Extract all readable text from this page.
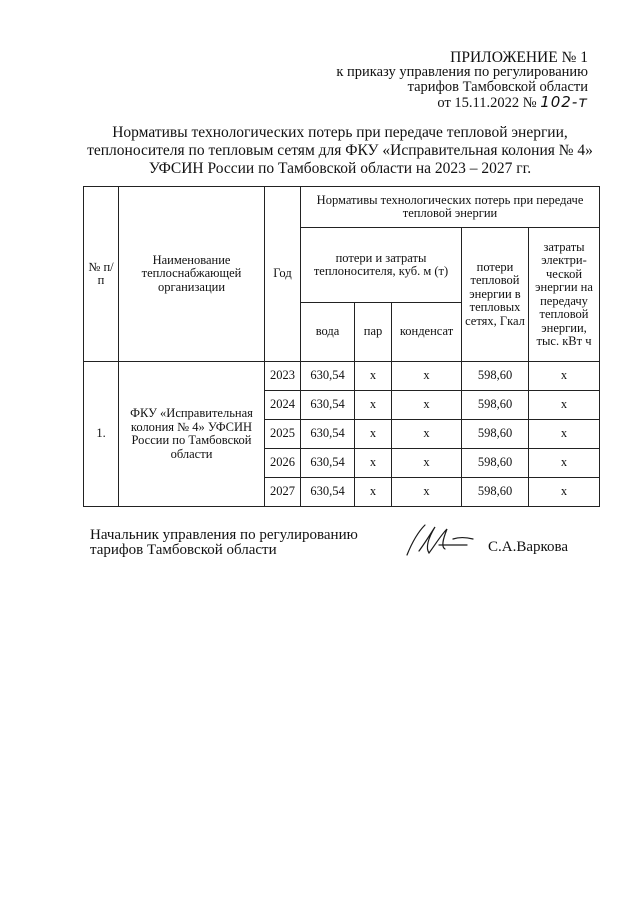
ПРИЛОЖЕНИЕ № 1
к приказу управления по регулированию
тарифов Тамбовской области
от 15.11.2022 № 102-т
Нормативы технологических потерь при передаче тепловой энергии,
теплоносителя по тепловым сетям для ФКУ «Исправительная колония № 4»
УФСИН России по Тамбовской области на 2023 – 2027 гг.
№ п/п	Наименование теплоснабжающей организации	Год	Нормативы технологических потерь при передаче тепловой энергии				
			потери и затраты теплоносителя, куб. м (т)			потери тепловой энергии в тепловых сетях, Гкал	затраты электри-ческой энергии на передачу тепловой энергии, тыс. кВт ч
			вода	пар	конденсат		
1.	ФКУ «Исправительная колония № 4» УФСИН России по Тамбовской области	2023	630,54	х	х	598,60	х
		2024	630,54	х	х	598,60	х
		2025	630,54	х	х	598,60	х
		2026	630,54	х	х	598,60	х
		2027	630,54	х	х	598,60	х
Начальник управления по регулированию
тарифов Тамбовской области	С.А.Варкова
